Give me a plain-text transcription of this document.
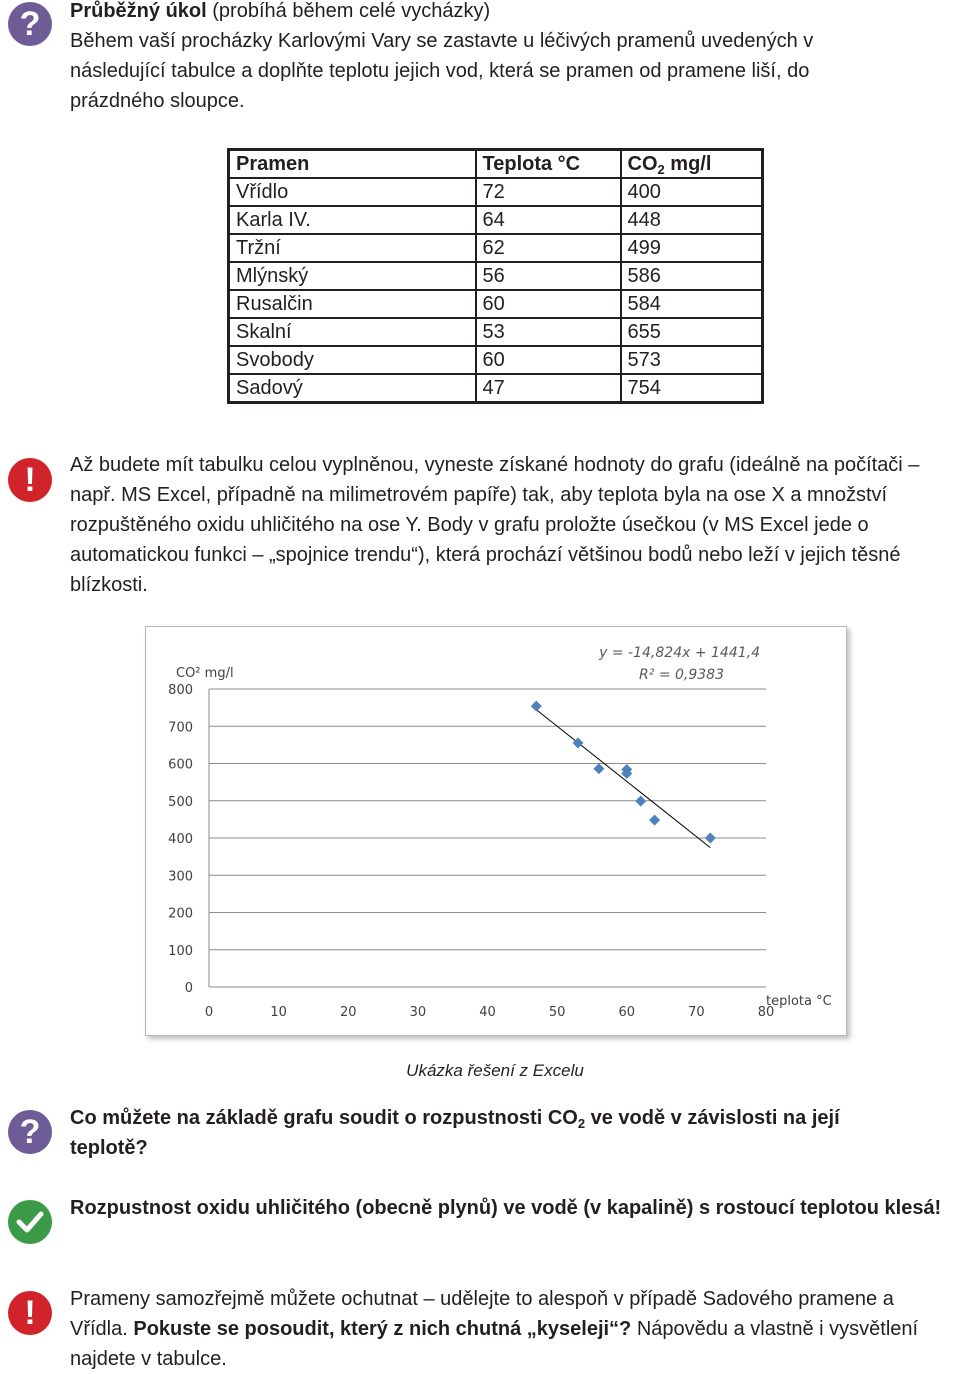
?	Průběžný úkol (probíhá během celé vycházky)

Během vaší procházky Karlovými Vary se zastavte u léčivých pramenů uvedených v následující tabulce a doplňte teplotu jejich vod, která se pramen od pramene liší, do prázdného sloupce.

Pramen	Teplota °C	$CO_2$ mg/l
Vřídlo	72	400
Karla IV.	64	448
Tržní	62	499
Mlýnský	56	586
Rusalčin	60	584
Skalní	53	655
Svobody	60	573
Sadový	47	754
!	Až budete mít tabulku celou vyplněnou, vyneste získané hodnoty do grafu (ideálně na počítači – např. MS Excel, případně na milimetrovém papíře) tak, aby teplota byla na ose X a množství rozpuštěného oxidu uhličitého na ose Y. Body v grafu proložte úsečkou (v MS Excel jede o automatickou funkci – „spojnice trendu“), která prochází většinou bodů nebo leží v jejich těsné blízkosti.

0
100
200
300
400
500
600
700
800
0	10	20	30	40	50	60	70	80
CO² mg/l
teplota °C
y = -14,824x + 1441,4
R² = 0,9383
Ukázka řešení z Excelu
?	Co můžete na základě grafu soudit o rozpustnosti $CO_2$ ve vodě v závislosti na její teplotě?

Rozpustnost oxidu uhličitého (obecně plynů) ve vodě (v kapalině) s rostoucí teplotou klesá!

!	Prameny samozřejmě můžete ochutnat – udělejte to alespoň v případě Sadového pramene a Vřídla. Pokuste se posoudit, který z nich chutná „kyseleji“? Nápovědu a vlastně i vysvětlení najdete v tabulce.
